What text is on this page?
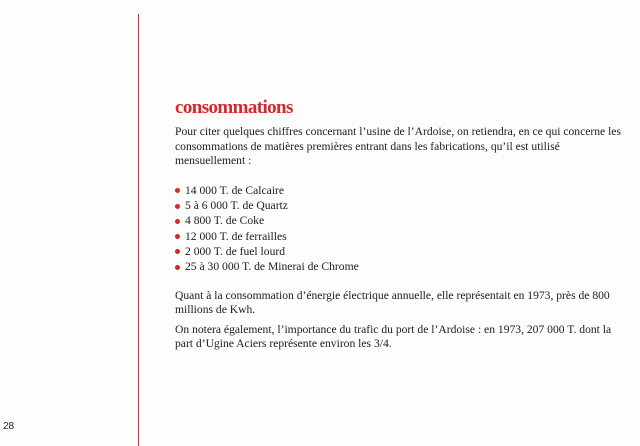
consommations

Pour citer quelques chiffres concernant l’usine de l’Ardoise, on retiendra, en ce qui concerne les consommations de matières premières entrant dans les fabrications, qu’il est utilisé mensuellement :

14 000 T. de Calcaire
5 à 6 000 T. de Quartz
4 800 T. de Coke
12 000 T. de ferrailles
2 000 T. de fuel lourd
25 à 30 000 T. de Minerai de Chrome

Quant à la consommation d’énergie électrique annuelle, elle représentait en 1973, près de 800 millions de Kwh.

On notera également, l’importance du trafic du port de l’Ardoise : en 1973, 207 000 T. dont la part d’Ugine Aciers représente environ les 3/4.

28
